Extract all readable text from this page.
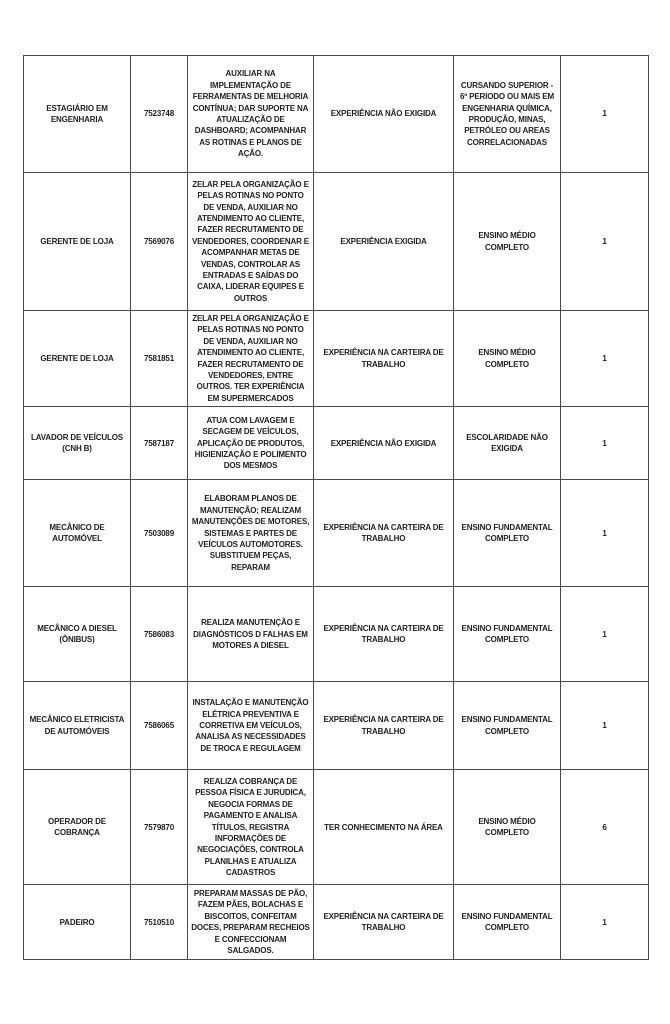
ESTAGIÁRIO EM ENGENHARIA	7523748	AUXILIAR NA IMPLEMENTAÇÃO DE FERRAMENTAS DE MELHORIA CONTÍNUA; DAR SUPORTE NA ATUALIZAÇÃO DE DASHBOARD; ACOMPANHAR AS ROTINAS E PLANOS DE AÇÃO.	EXPERIÊNCIA NÃO EXIGIDA	CURSANDO SUPERIOR - 6º PERIODO OU MAIS EM ENGENHARIA QUÍMICA, PRODUÇÃO, MINAS, PETRÓLEO OU AREAS CORRELACIONADAS	1
GERENTE DE LOJA	7569076	ZELAR PELA ORGANIZAÇÃO E PELAS ROTINAS NO PONTO DE VENDA, AUXILIAR NO ATENDIMENTO AO CLIENTE, FAZER RECRUTAMENTO DE VENDEDORES, COORDENAR E ACOMPANHAR METAS DE VENDAS, CONTROLAR AS ENTRADAS E SAÍDAS DO CAIXA, LIDERAR EQUIPES E OUTROS	EXPERIÊNCIA EXIGIDA	ENSINO MÉDIO COMPLETO	1
GERENTE DE LOJA	7581851	ZELAR PELA ORGANIZAÇÃO E PELAS ROTINAS NO PONTO DE VENDA, AUXILIAR NO ATENDIMENTO AO CLIENTE, FAZER RECRUTAMENTO DE VENDEDORES, ENTRE OUTROS. TER EXPERIÊNCIA EM SUPERMERCADOS	EXPERIÊNCIA NA CARTEIRA DE TRABALHO	ENSINO MÉDIO COMPLETO	1
LAVADOR DE VEÍCULOS (CNH B)	7587187	ATUA COM LAVAGEM E SECAGEM DE VEÍCULOS, APLICAÇÃO DE PRODUTOS, HIGIENIZAÇÃO E POLIMENTO DOS MESMOS	EXPERIÊNCIA NÃO EXIGIDA	ESCOLARIDADE NÃO EXIGIDA	1
MECÂNICO DE AUTOMÓVEL	7503089	ELABORAM PLANOS DE MANUTENÇÃO; REALIZAM MANUTENÇÕES DE MOTORES, SISTEMAS E PARTES DE VEÍCULOS AUTOMOTORES. SUBSTITUEM PEÇAS, REPARAM	EXPERIÊNCIA NA CARTEIRA DE TRABALHO	ENSINO FUNDAMENTAL COMPLETO	1
MECÂNICO A DIESEL (ÔNIBUS)	7586083	REALIZA MANUTENÇÃO E DIAGNÓSTICOS D FALHAS EM MOTORES A DIESEL	EXPERIÊNCIA NA CARTEIRA DE TRABALHO	ENSINO FUNDAMENTAL COMPLETO	1
MECÂNICO ELETRICISTA DE AUTOMÓVEIS	7586065	INSTALAÇÃO E MANUTENÇÃO ELÉTRICA PREVENTIVA E CORRETIVA EM VEÍCULOS, ANALISA AS NECESSIDADES DE TROCA E REGULAGEM	EXPERIÊNCIA NA CARTEIRA DE TRABALHO	ENSINO FUNDAMENTAL COMPLETO	1
OPERADOR DE COBRANÇA	7579870	REALIZA COBRANÇA DE PESSOA FÍSICA E JURUDICA, NEGOCIA FORMAS DE PAGAMENTO E ANALISA TÍTULOS, REGISTRA INFORMAÇÕES DE NEGOCIAÇÕES, CONTROLA PLANILHAS E ATUALIZA CADASTROS	TER CONHECIMENTO NA ÁREA	ENSINO MÉDIO COMPLETO	6
PADEIRO	7510510	PREPARAM MASSAS DE PÃO, FAZEM PÃES, BOLACHAS E BISCOITOS, CONFEITAM DOCES, PREPARAM RECHEIOS E CONFECCIONAM SALGADOS.	EXPERIÊNCIA NA CARTEIRA DE TRABALHO	ENSINO FUNDAMENTAL COMPLETO	1
